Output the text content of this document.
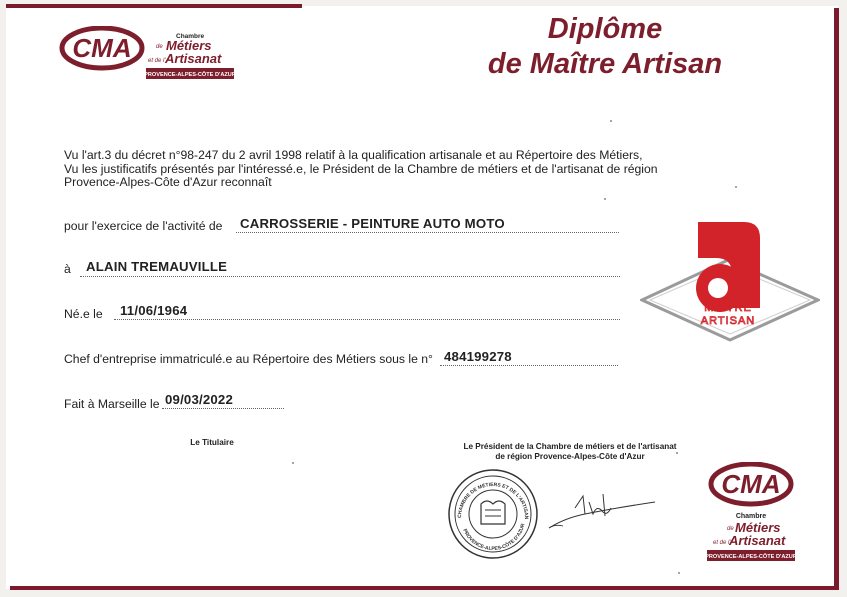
CMA	Chambre
de Métiers
et de l' Artisanat
PROVENCE-ALPES-CÔTE D'AZUR
Diplôme
de Maître Artisan
Vu l'art.3 du décret n°98-247 du 2 avril 1998 relatif à la qualification artisanale et au Répertoire des Métiers,
Vu les justificatifs présentés par l'intéressé.e, le Président de la Chambre de métiers et de l'artisanat de région
Provence-Alpes-Côte d'Azur reconnaît
pour l'exercice de l'activité de CARROSSERIE - PEINTURE AUTO MOTO
à ALAIN TREMAUVILLE
Né.e le 11/06/1964
Chef d'entreprise immatriculé.e au Répertoire des Métiers sous le n° 484199278
Fait à Marseille le 09/03/2022
Le Titulaire	Le Président de la Chambre de métiers et de l'artisanat
de région Provence-Alpes-Côte d'Azur
MAITRE
ARTISAN
CHAMBRE DE MÉTIERS ET DE L'ARTISAN
PROVENCE-ALPES-CÔTE D'AZUR
CMA
Chambre
de Métiers
et de l'
Artisanat
PROVENCE-ALPES-CÔTE D'AZUR
